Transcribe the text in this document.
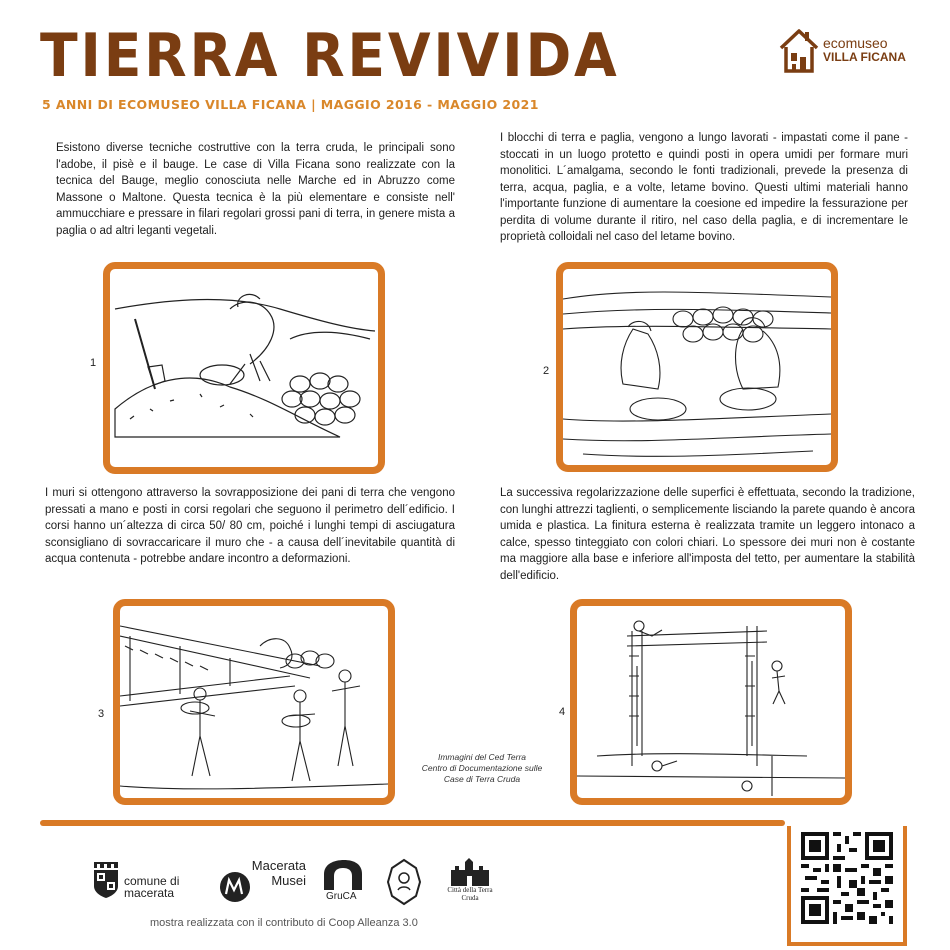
TIERRA REVIVIDA
5 ANNI DI ECOMUSEO VILLA FICANA | MAGGIO 2016 - MAGGIO 2021
ecomuseo
VILLA FICANA

Esistono diverse tecniche costruttive con la terra cruda, le principali sono l'adobe, il pisè e il bauge. Le case di Villa Ficana sono realizzate con la tecnica del Bauge, meglio conosciuta nelle Marche ed in Abruzzo come Massone o Maltone. Questa tecnica è la più elementare e consiste nell' ammucchiare e pressare in filari regolari grossi pani di terra, in genere mista a paglia o ad altri leganti vegetali.

I blocchi di terra e paglia, vengono a lungo lavorati - impastati come il pane - stoccati in un luogo protetto e quindi posti in opera umidi per formare muri monolitici. L´amalgama, secondo le fonti tradizionali, prevede la presenza di terra, acqua, paglia, e a volte, letame bovino. Questi ultimi materiali hanno l'importante funzione di aumentare la coesione ed impedire la fessurazione per perdita di volume durante il ritiro, nel caso della paglia, e di incrementare le proprietà colloidali nel caso del letame bovino.

I muri si ottengono attraverso la sovrapposizione dei pani di terra che vengono pressati a mano e posti in corsi regolari che seguono il perimetro dell´edificio. I corsi hanno un´altezza di circa 50/ 80 cm, poiché i lunghi tempi di asciugatura sconsigliano di sovraccaricare il muro che - a causa dell´inevitabile quantità di acqua contenuta - potrebbe andare incontro a deformazioni.

La successiva regolarizzazione delle superfici è effettuata, secondo la tradizione, con lunghi attrezzi taglienti, o semplicemente lisciando la parete quando è ancora umida e plastica. La finitura esterna è realizzata tramite un leggero intonaco a calce, spesso tinteggiato con colori chiari. Lo spessore dei muri non è costante ma maggiore alla base e inferiore all'imposta del tetto, per aumentare la stabilità dell'edificio.

1
2
3	4
Immagini del Ced Terra
Centro di Documentazione sulle
Case di Terra Cruda
comune di macerata
Macerata Musei
GruCA
Città della Terra Cruda
mostra realizzata con il contributo di Coop Alleanza 3.0
